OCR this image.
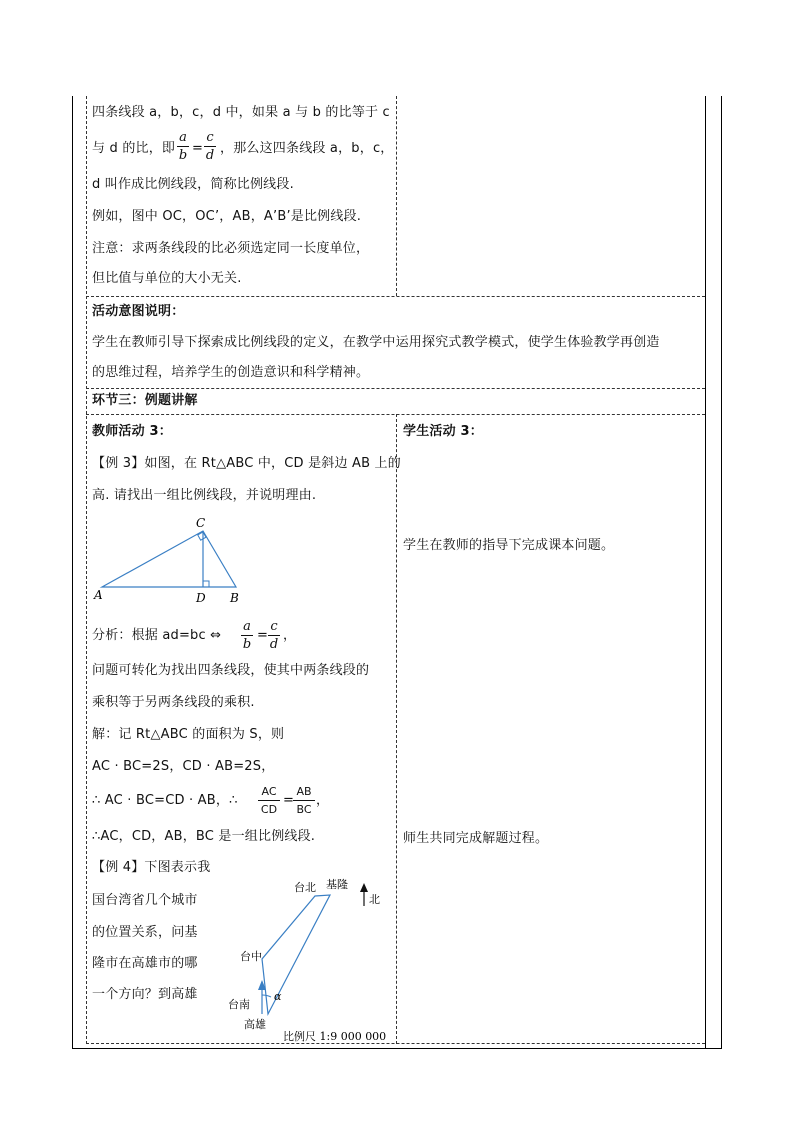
四条线段 a，b，c，d 中，如果 a 与 b 的比等于 c
与 d 的比，即
a
b =
c
d ，那么这四条线段 a，b，c，
d 叫作成比例线段，简称比例线段.
例如，图中 OC，OC’，AB，A’B’是比例线段.
注意：求两条线段的比必须选定同一长度单位，
但比值与单位的大小无关.
活动意图说明：
学生在教师引导下探索成比例线段的定义，在教学中运用探究式教学模式，使学生体验教学再创造
的思维过程，培养学生的创造意识和科学精神。
环节三：例题讲解
教师活动 3：
【例 3】如图，在 Rt△ABC 中，CD 是斜边 AB 上的
高. 请找出一组比例线段，并说明理由.
A	B
C
D
分析：根据 ad=bc ⇔
a
b
=
c
d
，
问题可转化为找出四条线段，使其中两条线段的
乘积等于另两条线段的乘积.
解：记 Rt△ABC 的面积为 S，则
AC · BC=2S，CD · AB=2S，
∴ AC · BC=CD · AB，∴
AC
CD
=
AB
BC
，
∴AC，CD，AB，BC 是一组比例线段.
【例 4】下图表示我
国台湾省几个城市
的位置关系，问基
隆市在高雄市的哪
一个方向？到高雄
台北 基隆
北
台中
台南
高雄
α
比例尺 1:9 000 000
学生活动 3：
学生在教师的指导下完成课本问题。
师生共同完成解题过程。
